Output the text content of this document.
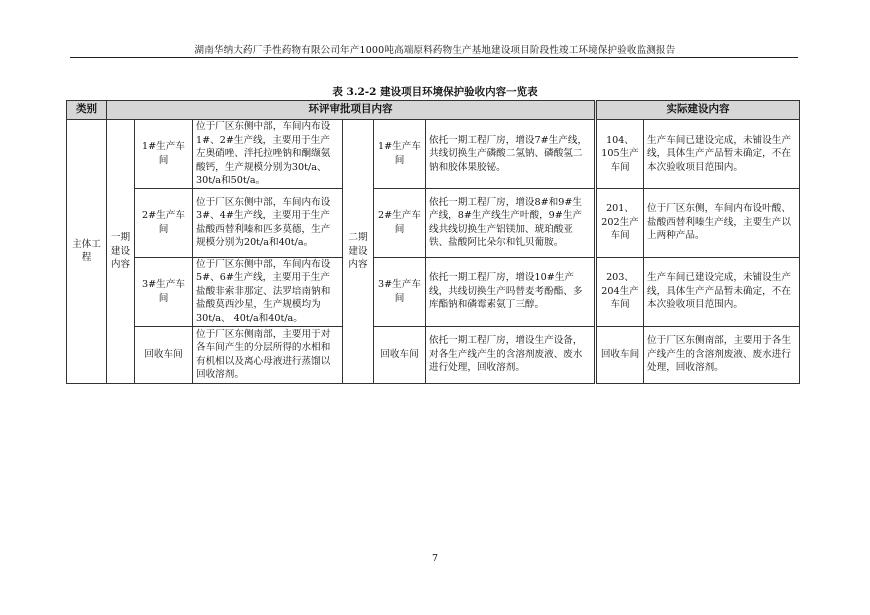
湖南华纳大药厂手性药物有限公司年产1000吨高端原料药物生产基地建设项目阶段性竣工环境保护验收监测报告
表 3.2-2 建设项目环境保护验收内容一览表
类别	环评审批项目内容						实际建设内容	
主体工程	一期建设内容	1#生产车间	位于厂区东侧中部，车间内布设1#、2#生产线，主要用于生产左奥硝唑、泮托拉唑钠和酮缬氨酸钙，生产规模分别为30t/a、30t/a和50t/a。	二期建设内容	1#生产车间	依托一期工程厂房，增设7#生产线，共线切换生产磷酸二氢钠、磷酸氢二钠和胶体果胶铋。	104、105生产车间	生产车间已建设完成，未铺设生产线，具体生产产品暂未确定，不在本次验收项目范围内。
		2#生产车间	位于厂区东侧中部，车间内布设3#、4#生产线，主要用于生产盐酸西替利嗪和匹多莫德，生产规模分别为20t/a和40t/a。		2#生产车间	依托一期工程厂房，增设8#和9#生产线，8#生产线生产叶酸，9#生产线共线切换生产铝镁加、琥珀酸亚铁、盐酸阿比朵尔和钆贝葡胺。	201、202生产车间	位于厂区东侧，车间内布设叶酸、盐酸西替利嗪生产线，主要生产以上两种产品。
		3#生产车间	位于厂区东侧中部，车间内布设5#、6#生产线，主要用于生产盐酸非索非那定、法罗培南钠和盐酸莫西沙星，生产规模均为30t/a、 40t/a和40t/a。		3#生产车间	依托一期工程厂房，增设10#生产线，共线切换生产吗替麦考酚酯、多库酯钠和磷霉素氨丁三醇。	203、204生产车间	生产车间已建设完成，未铺设生产线，具体生产产品暂未确定，不在本次验收项目范围内。
		回收车间	位于厂区东侧南部，主要用于对各车间产生的分层所得的水相和有机相以及离心母液进行蒸馏以回收溶剂。		回收车间	依托一期工程厂房，增设生产设备，对各生产线产生的含溶剂废液、废水进行处理，回收溶剂。	回收车间	位于厂区东侧南部，主要用于各生产线产生的含溶剂废液、废水进行处理，回收溶剂。
7
